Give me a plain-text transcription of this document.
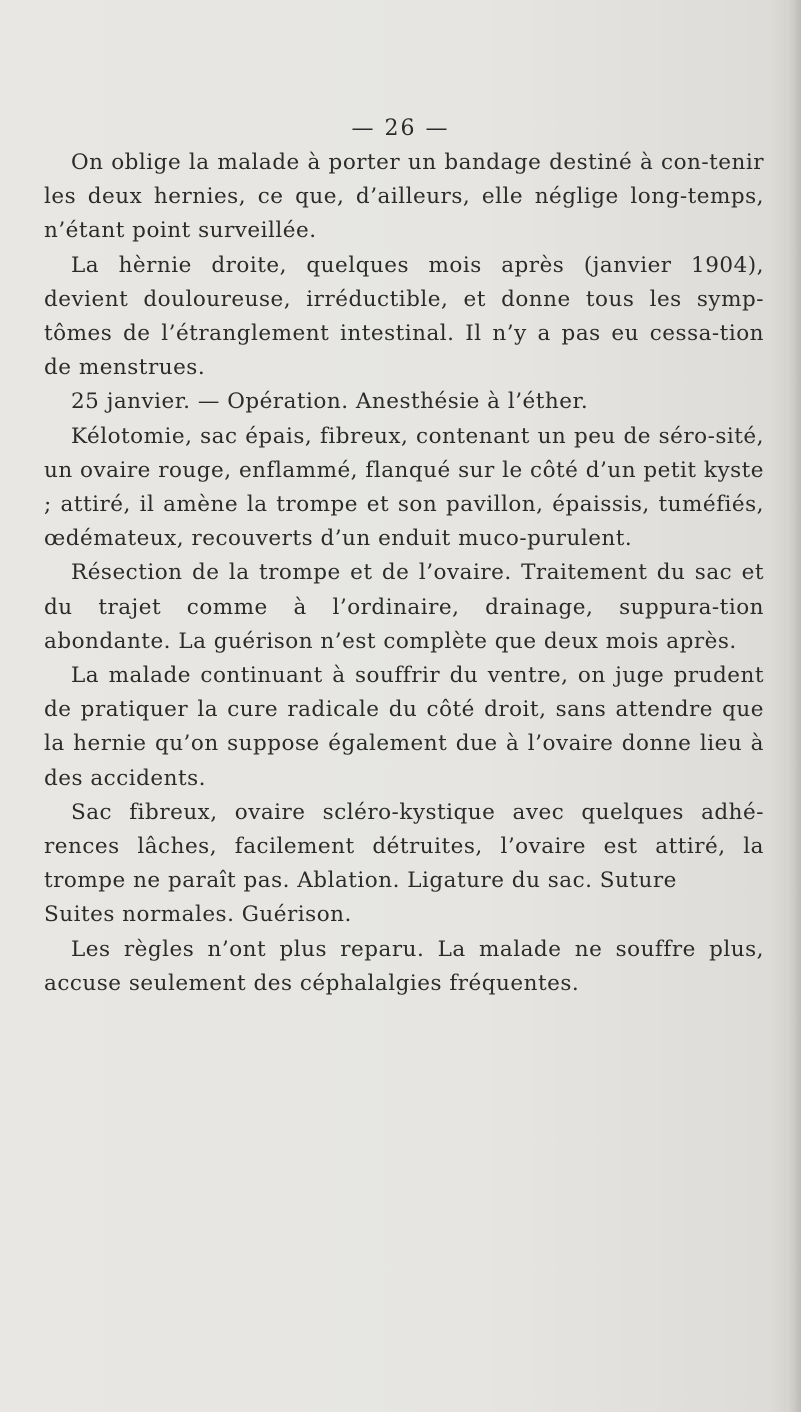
— 26 —

On oblige la malade à porter un bandage destiné à con-tenir les deux hernies, ce que, d’ailleurs, elle néglige long-temps, n’étant point surveillée.

La hèrnie droite, quelques mois après (janvier 1904), devient douloureuse, irréductible, et donne tous les symp-tômes de l’étranglement intestinal. Il n’y a pas eu cessa-tion de menstrues.

25 janvier. — Opération. Anesthésie à l’éther.

Kélotomie, sac épais, fibreux, contenant un peu de séro-sité, un ovaire rouge, enflammé, flanqué sur le côté d’un petit kyste ; attiré, il amène la trompe et son pavillon, épaissis, tuméfiés, œdémateux, recouverts d’un enduit muco-purulent.

Résection de la trompe et de l’ovaire. Traitement du sac et du trajet comme à l’ordinaire, drainage, suppura-tion abondante. La guérison n’est complète que deux mois après.

La malade continuant à souffrir du ventre, on juge prudent de pratiquer la cure radicale du côté droit, sans attendre que la hernie qu’on suppose également due à l’ovaire donne lieu à des accidents.

Sac fibreux, ovaire scléro-kystique avec quelques adhé-rences lâches, facilement détruites, l’ovaire est attiré, la trompe ne paraît pas. Ablation. Ligature du sac. Suture

Suites normales. Guérison.

Les règles n’ont plus reparu. La malade ne souffre plus, accuse seulement des céphalalgies fréquentes.
